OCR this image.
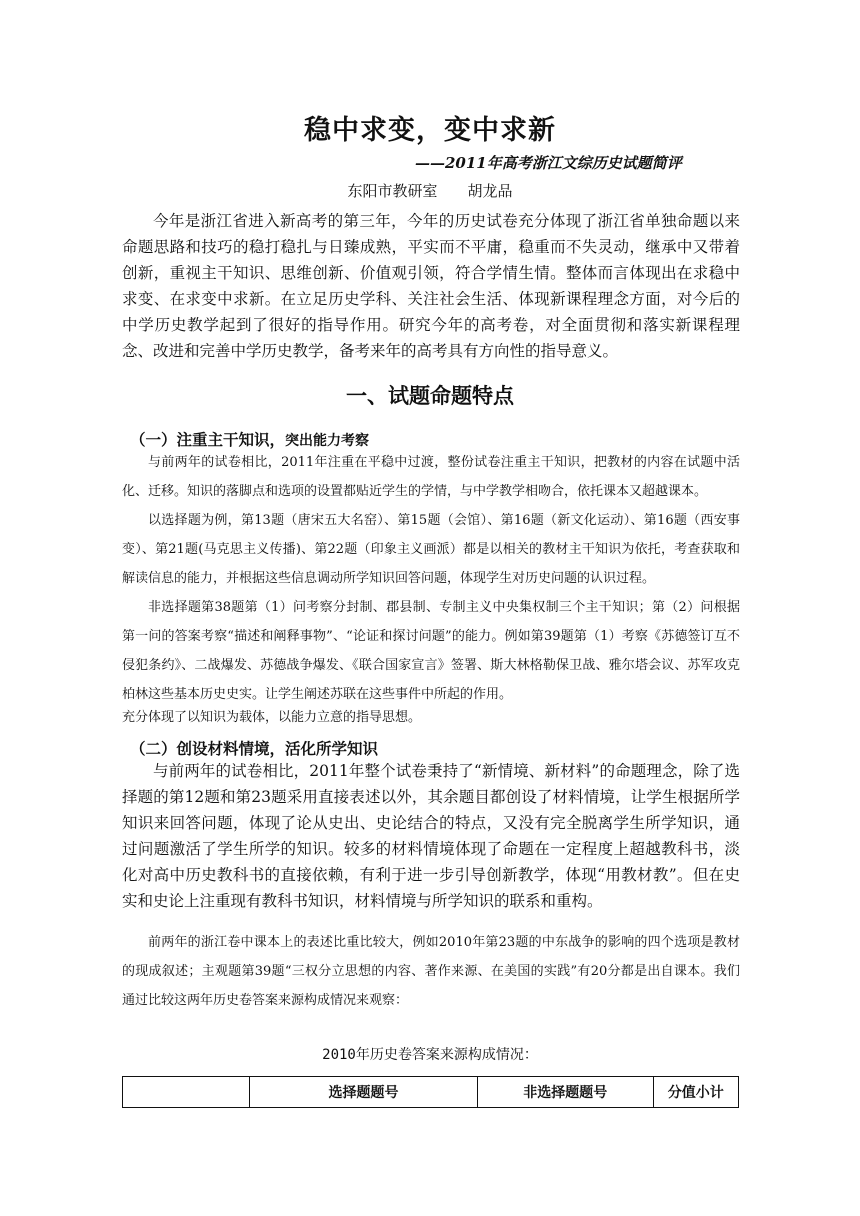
稳中求变，变中求新
——2011年高考浙江文综历史试题简评
东阳市教研室 胡龙品

今年是浙江省进入新高考的第三年，今年的历史试卷充分体现了浙江省单独命题以来命题思路和技巧的稳打稳扎与日臻成熟，平实而不平庸，稳重而不失灵动，继承中又带着创新，重视主干知识、思维创新、价值观引领，符合学情生情。整体而言体现出在求稳中求变、在求变中求新。在立足历史学科、关注社会生活、体现新课程理念方面，对今后的中学历史教学起到了很好的指导作用。研究今年的高考卷，对全面贯彻和落实新课程理念、改进和完善中学历史教学，备考来年的高考具有方向性的指导意义。

一、试题命题特点
（一）注重主干知识，突出能力考察

与前两年的试卷相比，2011年注重在平稳中过渡，整份试卷注重主干知识，把教材的内容在试题中活化、迁移。知识的落脚点和选项的设置都贴近学生的学情，与中学教学相吻合，依托课本又超越课本。

以选择题为例，第13题（唐宋五大名窑）、第15题（会馆）、第16题（新文化运动）、第16题（西安事变）、第21题(马克思主义传播)、第22题（印象主义画派）都是以相关的教材主干知识为依托，考查获取和解读信息的能力，并根据这些信息调动所学知识回答问题，体现学生对历史问题的认识过程。

非选择题第38题第（1）问考察分封制、郡县制、专制主义中央集权制三个主干知识；第（2）问根据第一问的答案考察“描述和阐释事物”、“论证和探讨问题”的能力。例如第39题第（1）考察《苏德签订互不侵犯条约》、二战爆发、苏德战争爆发、《联合国家宣言》签署、斯大林格勒保卫战、雅尔塔会议、苏军攻克柏林这些基本历史史实。让学生阐述苏联在这些事件中所起的作用。

充分体现了以知识为载体，以能力立意的指导思想。

（二）创设材料情境，活化所学知识

与前两年的试卷相比，2011年整个试卷秉持了“新情境、新材料”的命题理念，除了选择题的第12题和第23题采用直接表述以外，其余题目都创设了材料情境，让学生根据所学知识来回答问题，体现了论从史出、史论结合的特点，又没有完全脱离学生所学知识，通过问题激活了学生所学的知识。较多的材料情境体现了命题在一定程度上超越教科书，淡化对高中历史教科书的直接依赖，有利于进一步引导创新教学，体现“用教材教”。但在史实和史论上注重现有教科书知识，材料情境与所学知识的联系和重构。

前两年的浙江卷中课本上的表述比重比较大，例如2010年第23题的中东战争的影响的四个选项是教材的现成叙述；主观题第39题“三权分立思想的内容、著作来源、在美国的实践”有20分都是出自课本。我们通过比较这两年历史卷答案来源构成情况来观察：

2010年历史卷答案来源构成情况：
	选择题题号	非选择题题号	分值小计
